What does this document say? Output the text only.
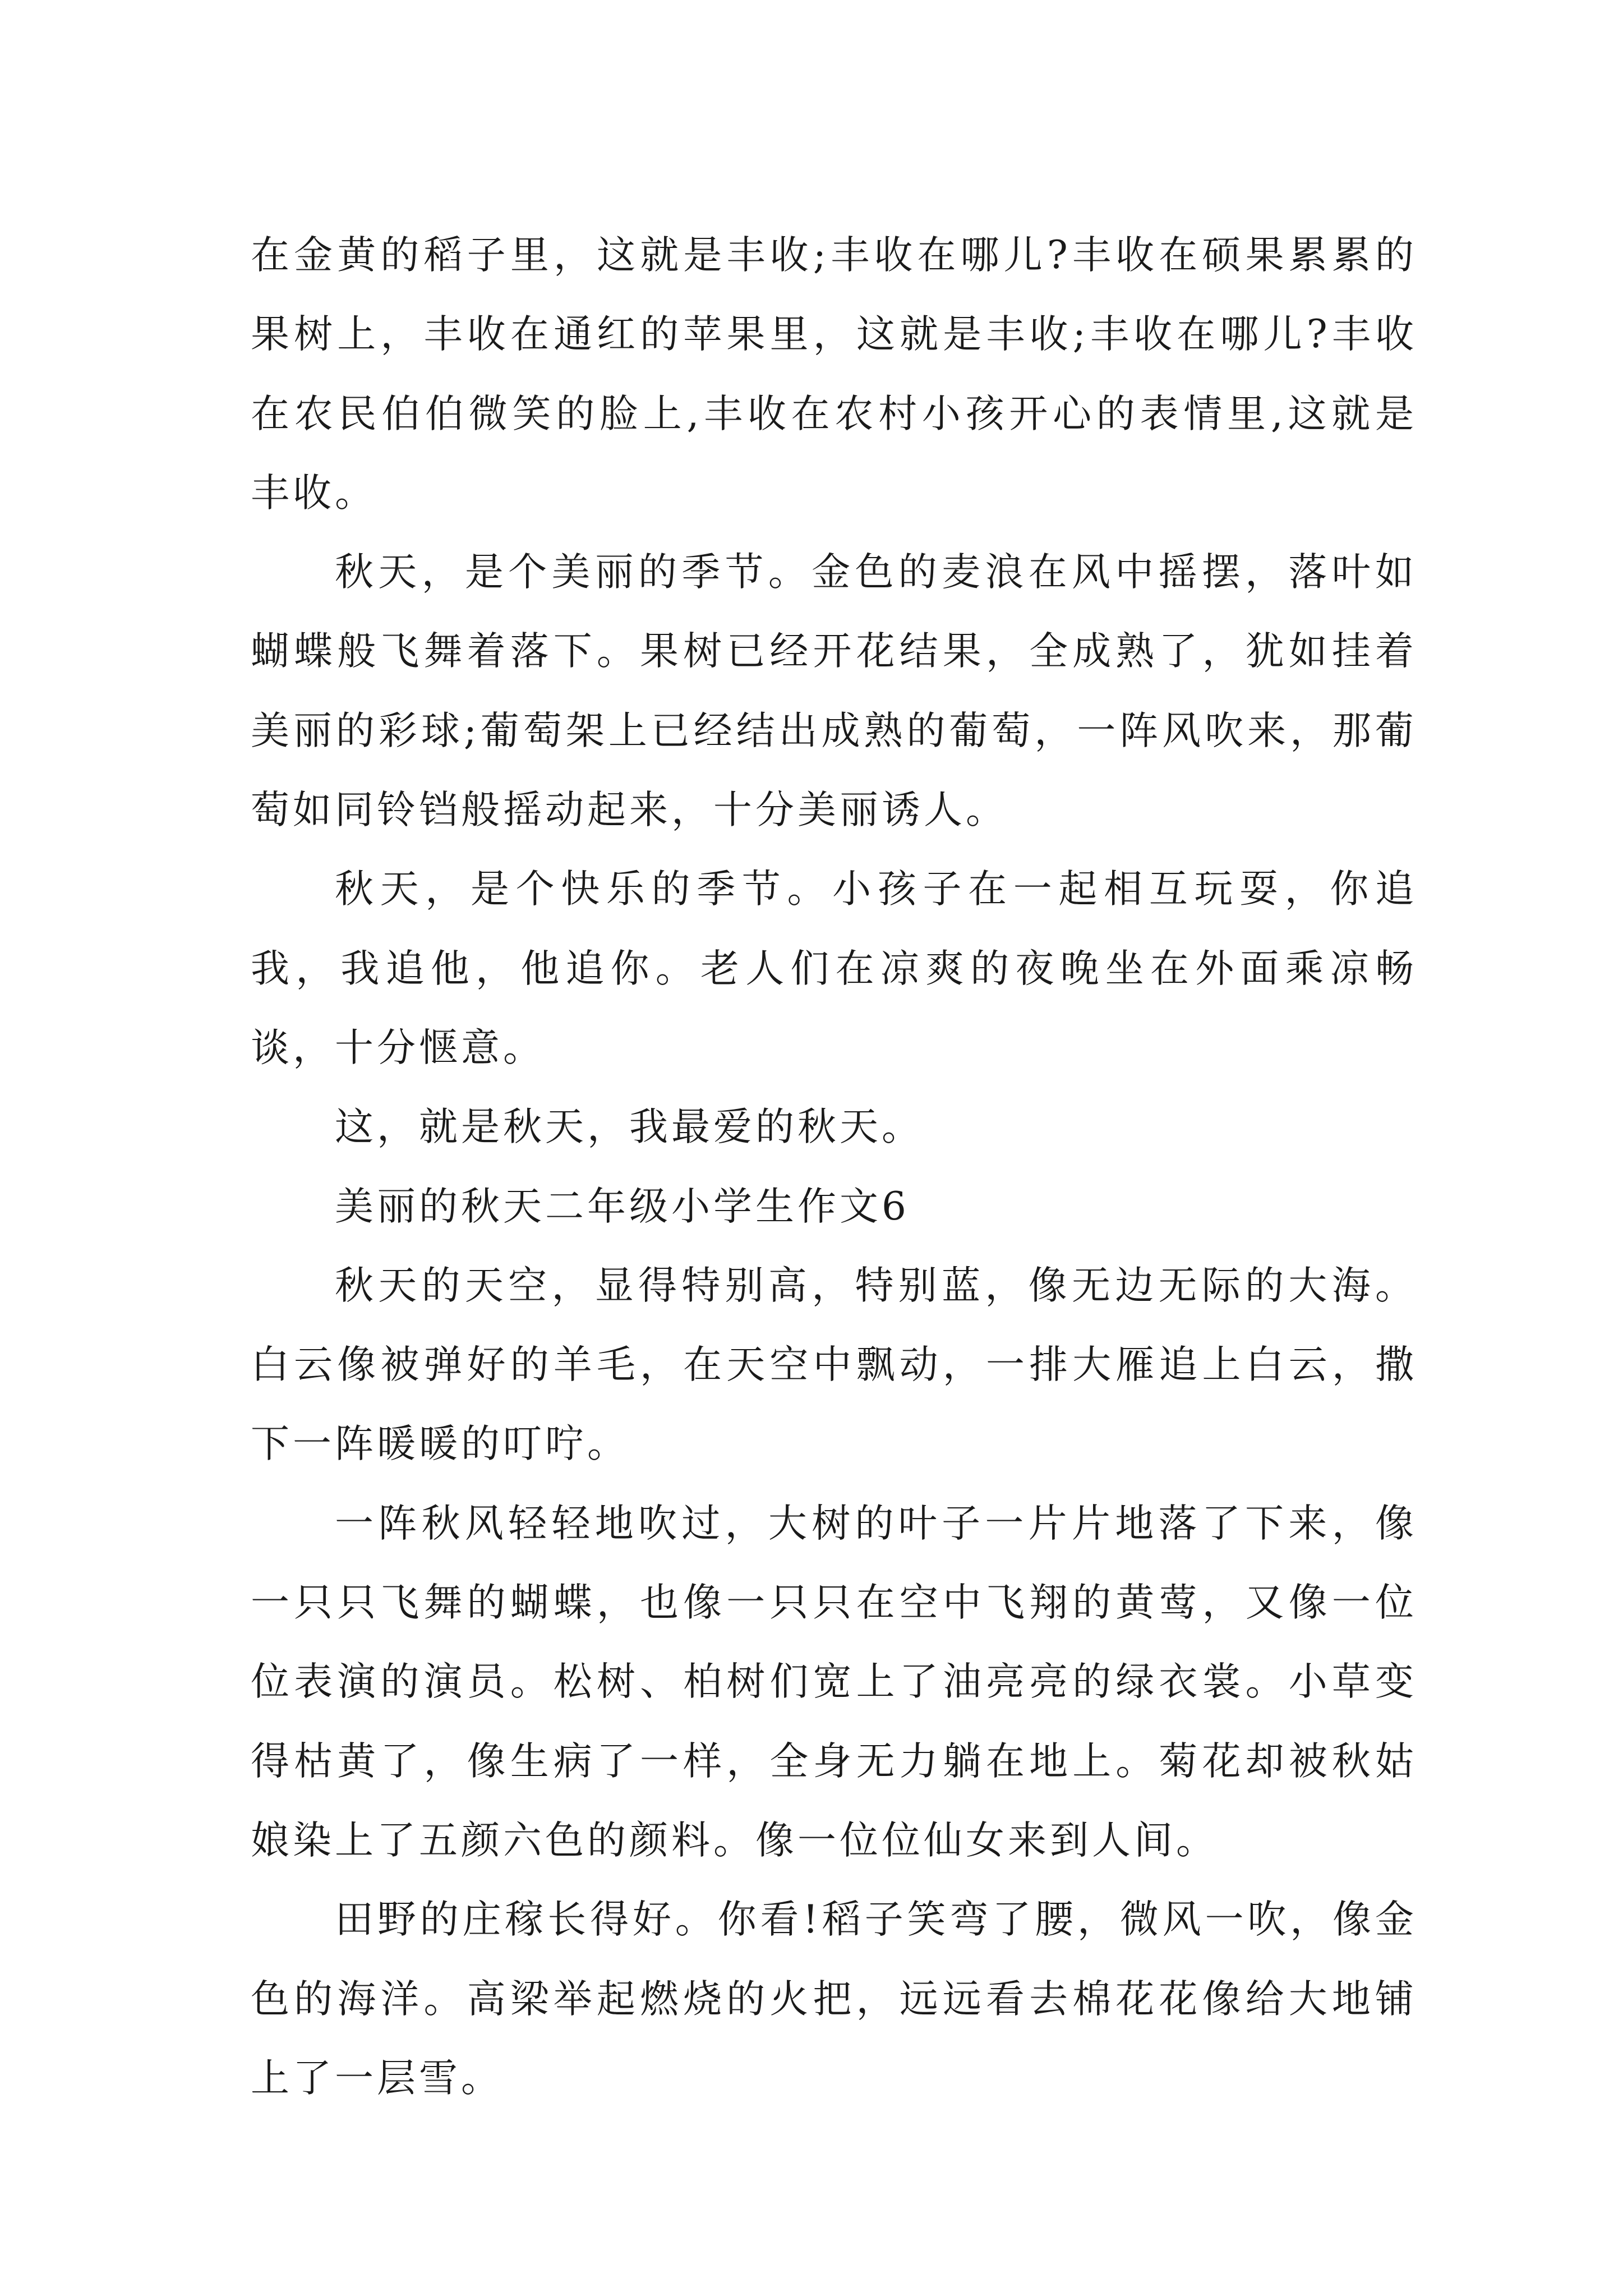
在金黄的稻子里，这就是丰收;丰收在哪儿?丰收在硕果累累的果树上，丰收在通红的苹果里，这就是丰收;丰收在哪儿?丰收在农民伯伯微笑的脸上,丰收在农村小孩开心的表情里,这就是丰收。

秋天，是个美丽的季节。金色的麦浪在风中摇摆，落叶如蝴蝶般飞舞着落下。果树已经开花结果，全成熟了，犹如挂着美丽的彩球;葡萄架上已经结出成熟的葡萄，一阵风吹来，那葡萄如同铃铛般摇动起来，十分美丽诱人。

秋天，是个快乐的季节。小孩子在一起相互玩耍，你追我，我追他，他追你。老人们在凉爽的夜晚坐在外面乘凉畅谈，十分惬意。

这，就是秋天，我最爱的秋天。

美丽的秋天二年级小学生作文6

秋天的天空，显得特别高，特别蓝，像无边无际的大海。白云像被弹好的羊毛，在天空中飘动，一排大雁追上白云，撒下一阵暖暖的叮咛。

一阵秋风轻轻地吹过，大树的叶子一片片地落了下来，像一只只飞舞的蝴蝶，也像一只只在空中飞翔的黄莺，又像一位位表演的演员。松树、柏树们宽上了油亮亮的绿衣裳。小草变得枯黄了，像生病了一样，全身无力躺在地上。菊花却被秋姑娘染上了五颜六色的颜料。像一位位仙女来到人间。

田野的庄稼长得好。你看!稻子笑弯了腰，微风一吹，像金色的海洋。高梁举起燃烧的火把，远远看去棉花花像给大地铺上了一层雪。
